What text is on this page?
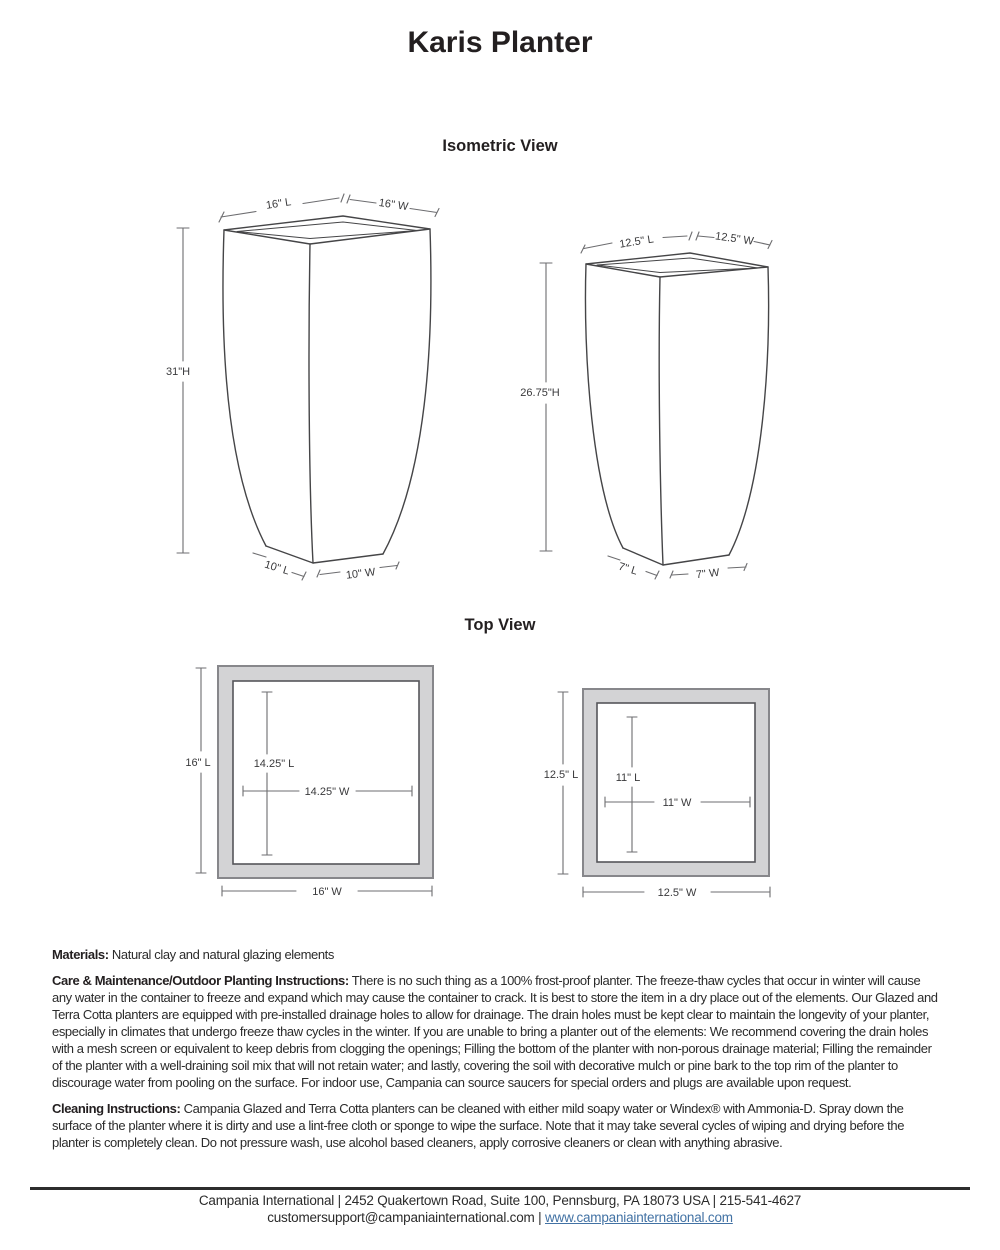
Karis Planter
Isometric View
31"H
16" L	16" W
10" L	10" W
26.75"H
12.5" L	12.5" W
7" L	7" W
Top View
16" L	14.25" L
14.25" W
16" W
12.5" L	11" L
11" W
12.5" W

Materials: Natural clay and natural glazing elements

Care & Maintenance/Outdoor Planting Instructions: There is no such thing as a 100% frost-proof planter. The freeze-thaw cycles that occur in winter will cause any water in the container to freeze and expand which may cause the container to crack. It is best to store the item in a dry place out of the elements. Our Glazed and Terra Cotta planters are equipped with pre-installed drainage holes to allow for drainage. The drain holes must be kept clear to maintain the longevity of your planter, especially in climates that undergo freeze thaw cycles in the winter. If you are unable to bring a planter out of the elements: We recommend covering the drain holes with a mesh screen or equivalent to keep debris from clogging the openings; Filling the bottom of the planter with non-porous drainage material; Filling the remainder of the planter with a well-draining soil mix that will not retain water; and lastly, covering the soil with decorative mulch or pine bark to the top rim of the planter to discourage water from pooling on the surface. For indoor use, Campania can source saucers for special orders and plugs are available upon request.

Cleaning Instructions: Campania Glazed and Terra Cotta planters can be cleaned with either mild soapy water or Windex® with Ammonia-D. Spray down the surface of the planter where it is dirty and use a lint-free cloth or sponge to wipe the surface. Note that it may take several cycles of wiping and drying before the planter is completely clean. Do not pressure wash, use alcohol based cleaners, apply corrosive cleaners or clean with anything abrasive.

Campania International | 2452 Quakertown Road, Suite 100, Pennsburg, PA 18073 USA | 215-541-4627
customersupport@campaniainternational.com | www.campaniainternational.com
